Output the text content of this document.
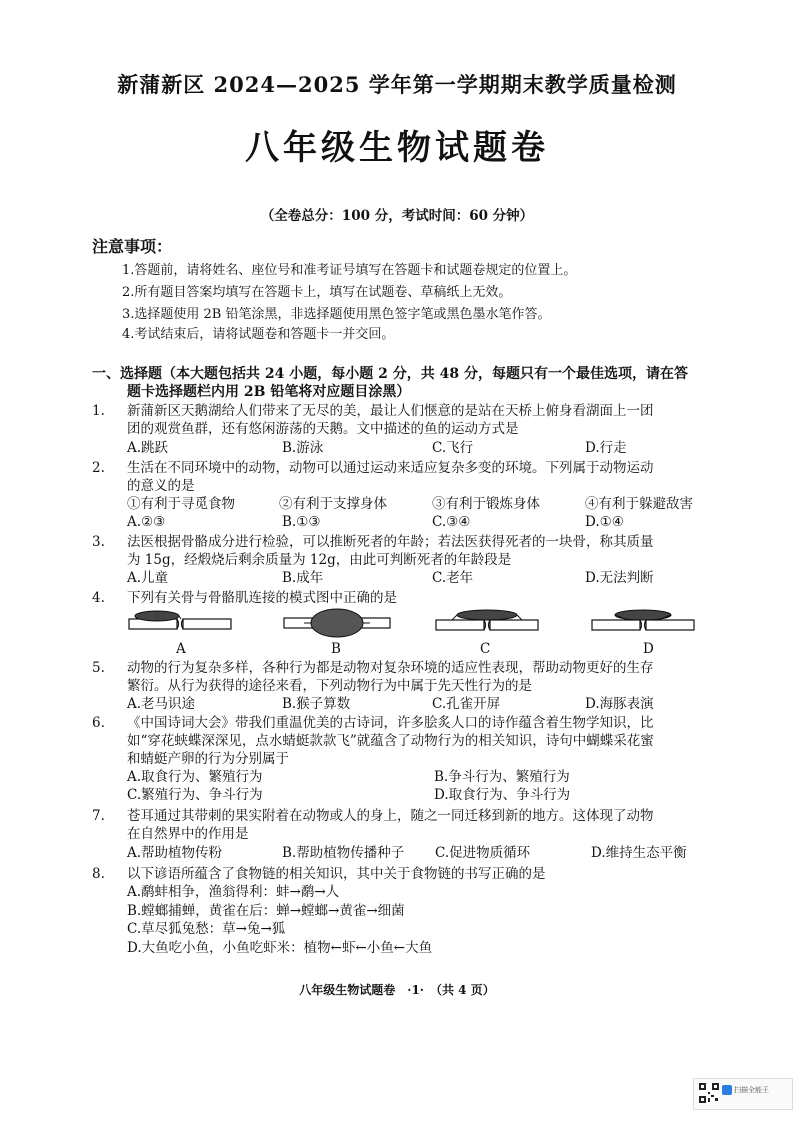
新蒲新区 2024—2025 学年第一学期期末教学质量检测
八年级生物试题卷
（全卷总分：100 分，考试时间：60 分钟）
注意事项：
1.答题前，请将姓名、座位号和准考证号填写在答题卡和试题卷规定的位置上。
2.所有题目答案均填写在答题卡上，填写在试题卷、草稿纸上无效。
3.选择题使用 2B 铅笔涂黑，非选择题使用黑色签字笔或黑色墨水笔作答。
4.考试结束后，请将试题卷和答题卡一并交回。
一、选择题（本大题包括共 24 小题，每小题 2 分，共 48 分，每题只有一个最佳选项，请在答
题卡选择题栏内用 2B 铅笔将对应题目涂黑）
1. 新蒲新区天鹅湖给人们带来了无尽的美，最让人们惬意的是站在天桥上俯身看湖面上一团
团的观赏鱼群，还有悠闲游荡的天鹅。文中描述的鱼的运动方式是
A.跳跃	B.游泳	C.飞行	D.行走
2. 生活在不同环境中的动物，动物可以通过运动来适应复杂多变的环境。下列属于动物运动
的意义的是
①有利于寻觅食物	②有利于支撑身体	③有利于锻炼身体	④有利于躲避敌害
A.②③	B.①③	C.③④	D.①④
3. 法医根据骨骼成分进行检验，可以推断死者的年龄；若法医获得死者的一块骨，称其质量
为 15g，经煅烧后剩余质量为 12g，由此可判断死者的年龄段是
A.儿童	B.成年	C.老年	D.无法判断
4. 下列有关骨与骨骼肌连接的模式图中正确的是
A	B	C	D
5. 动物的行为复杂多样，各种行为都是动物对复杂环境的适应性表现，帮助动物更好的生存
繁衍。从行为获得的途径来看，下列动物行为中属于先天性行为的是
A.老马识途	B.猴子算数	C.孔雀开屏	D.海豚表演
6. 《中国诗词大会》带我们重温优美的古诗词，许多脍炙人口的诗作蕴含着生物学知识，比
如“穿花蛱蝶深深见，点水蜻蜓款款飞”就蕴含了动物行为的相关知识，诗句中蝴蝶采花蜜
和蜻蜓产卵的行为分别属于
A.取食行为、繁殖行为	B.争斗行为、繁殖行为
C.繁殖行为、争斗行为	D.取食行为、争斗行为
7. 苍耳通过其带刺的果实附着在动物或人的身上，随之一同迁移到新的地方。这体现了动物
在自然界中的作用是
A.帮助植物传粉	B.帮助植物传播种子 C.促进物质循环	D.维持生态平衡
8. 以下谚语所蕴含了食物链的相关知识，其中关于食物链的书写正确的是
A.鹬蚌相争，渔翁得利：蚌→鹬→人
B.螳螂捕蝉，黄雀在后：蝉→螳螂→黄雀→细菌
C.草尽狐兔愁：草→兔→狐
D.大鱼吃小鱼，小鱼吃虾米：植物←虾←小鱼←大鱼
八年级生物试题卷　·1·　（共 4 页）
扫描全能王
